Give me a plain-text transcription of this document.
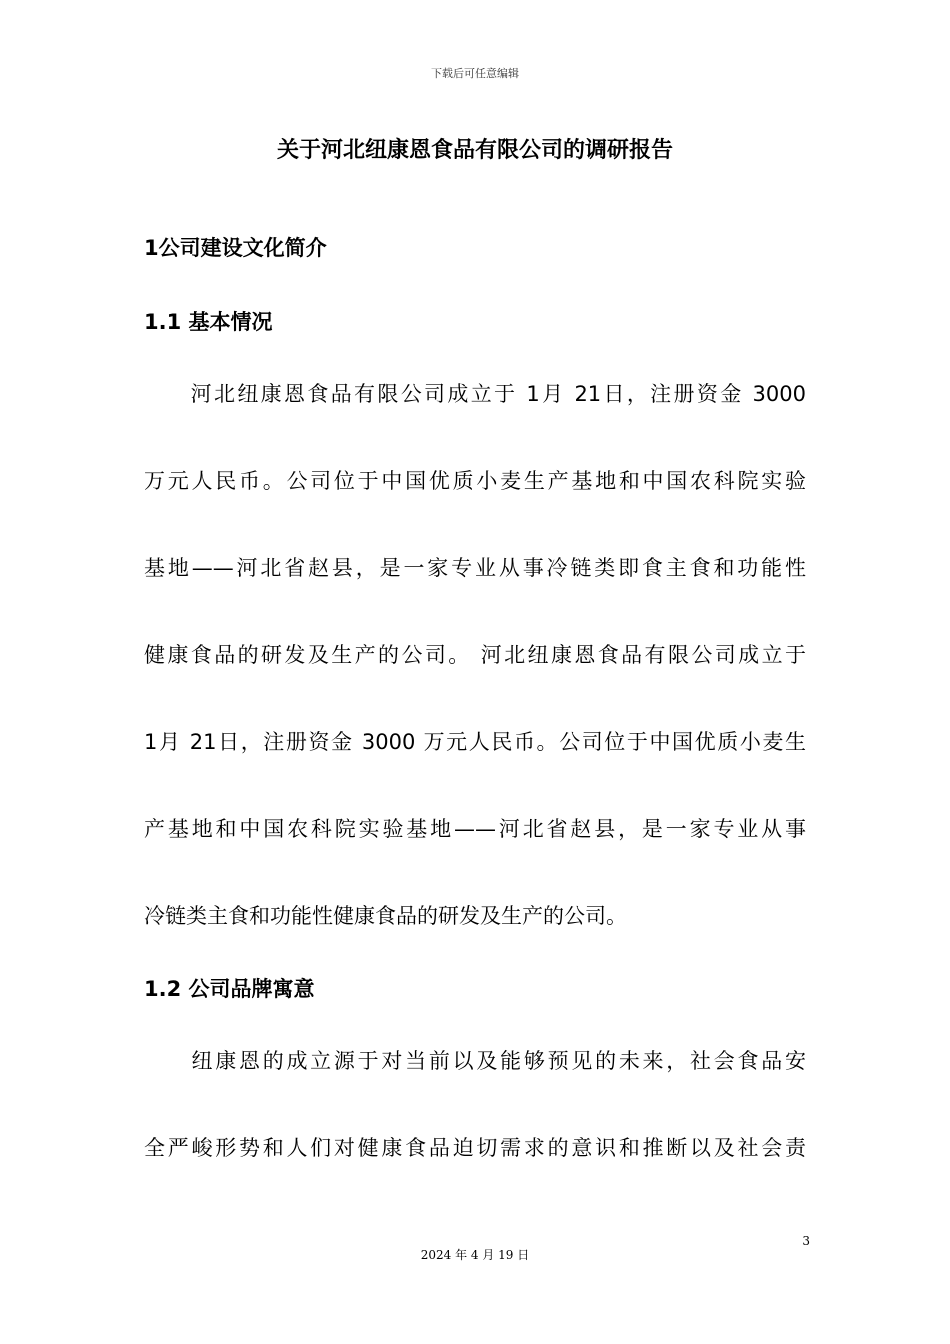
下载后可任意编辑
关于河北纽康恩食品有限公司的调研报告
1公司建设文化简介
1.1 基本情况
　　河北纽康恩食品有限公司成立于 1月 21日，注册资金 3000
万元人民币。公司位于中国优质小麦生产基地和中国农科院实验
基地——河北省赵县，是一家专业从事冷链类即食主食和功能性
健康食品的研发及生产的公司。 河北纽康恩食品有限公司成立于
1月 21日，注册资金 3000 万元人民币。公司位于中国优质小麦生
产基地和中国农科院实验基地——河北省赵县，是一家专业从事
冷链类主食和功能性健康食品的研发及生产的公司。
1.2 公司品牌寓意
　　纽康恩的成立源于对当前以及能够预见的未来，社会食品安
全严峻形势和人们对健康食品迫切需求的意识和推断以及社会责
3
2024 年 4 月 19 日
